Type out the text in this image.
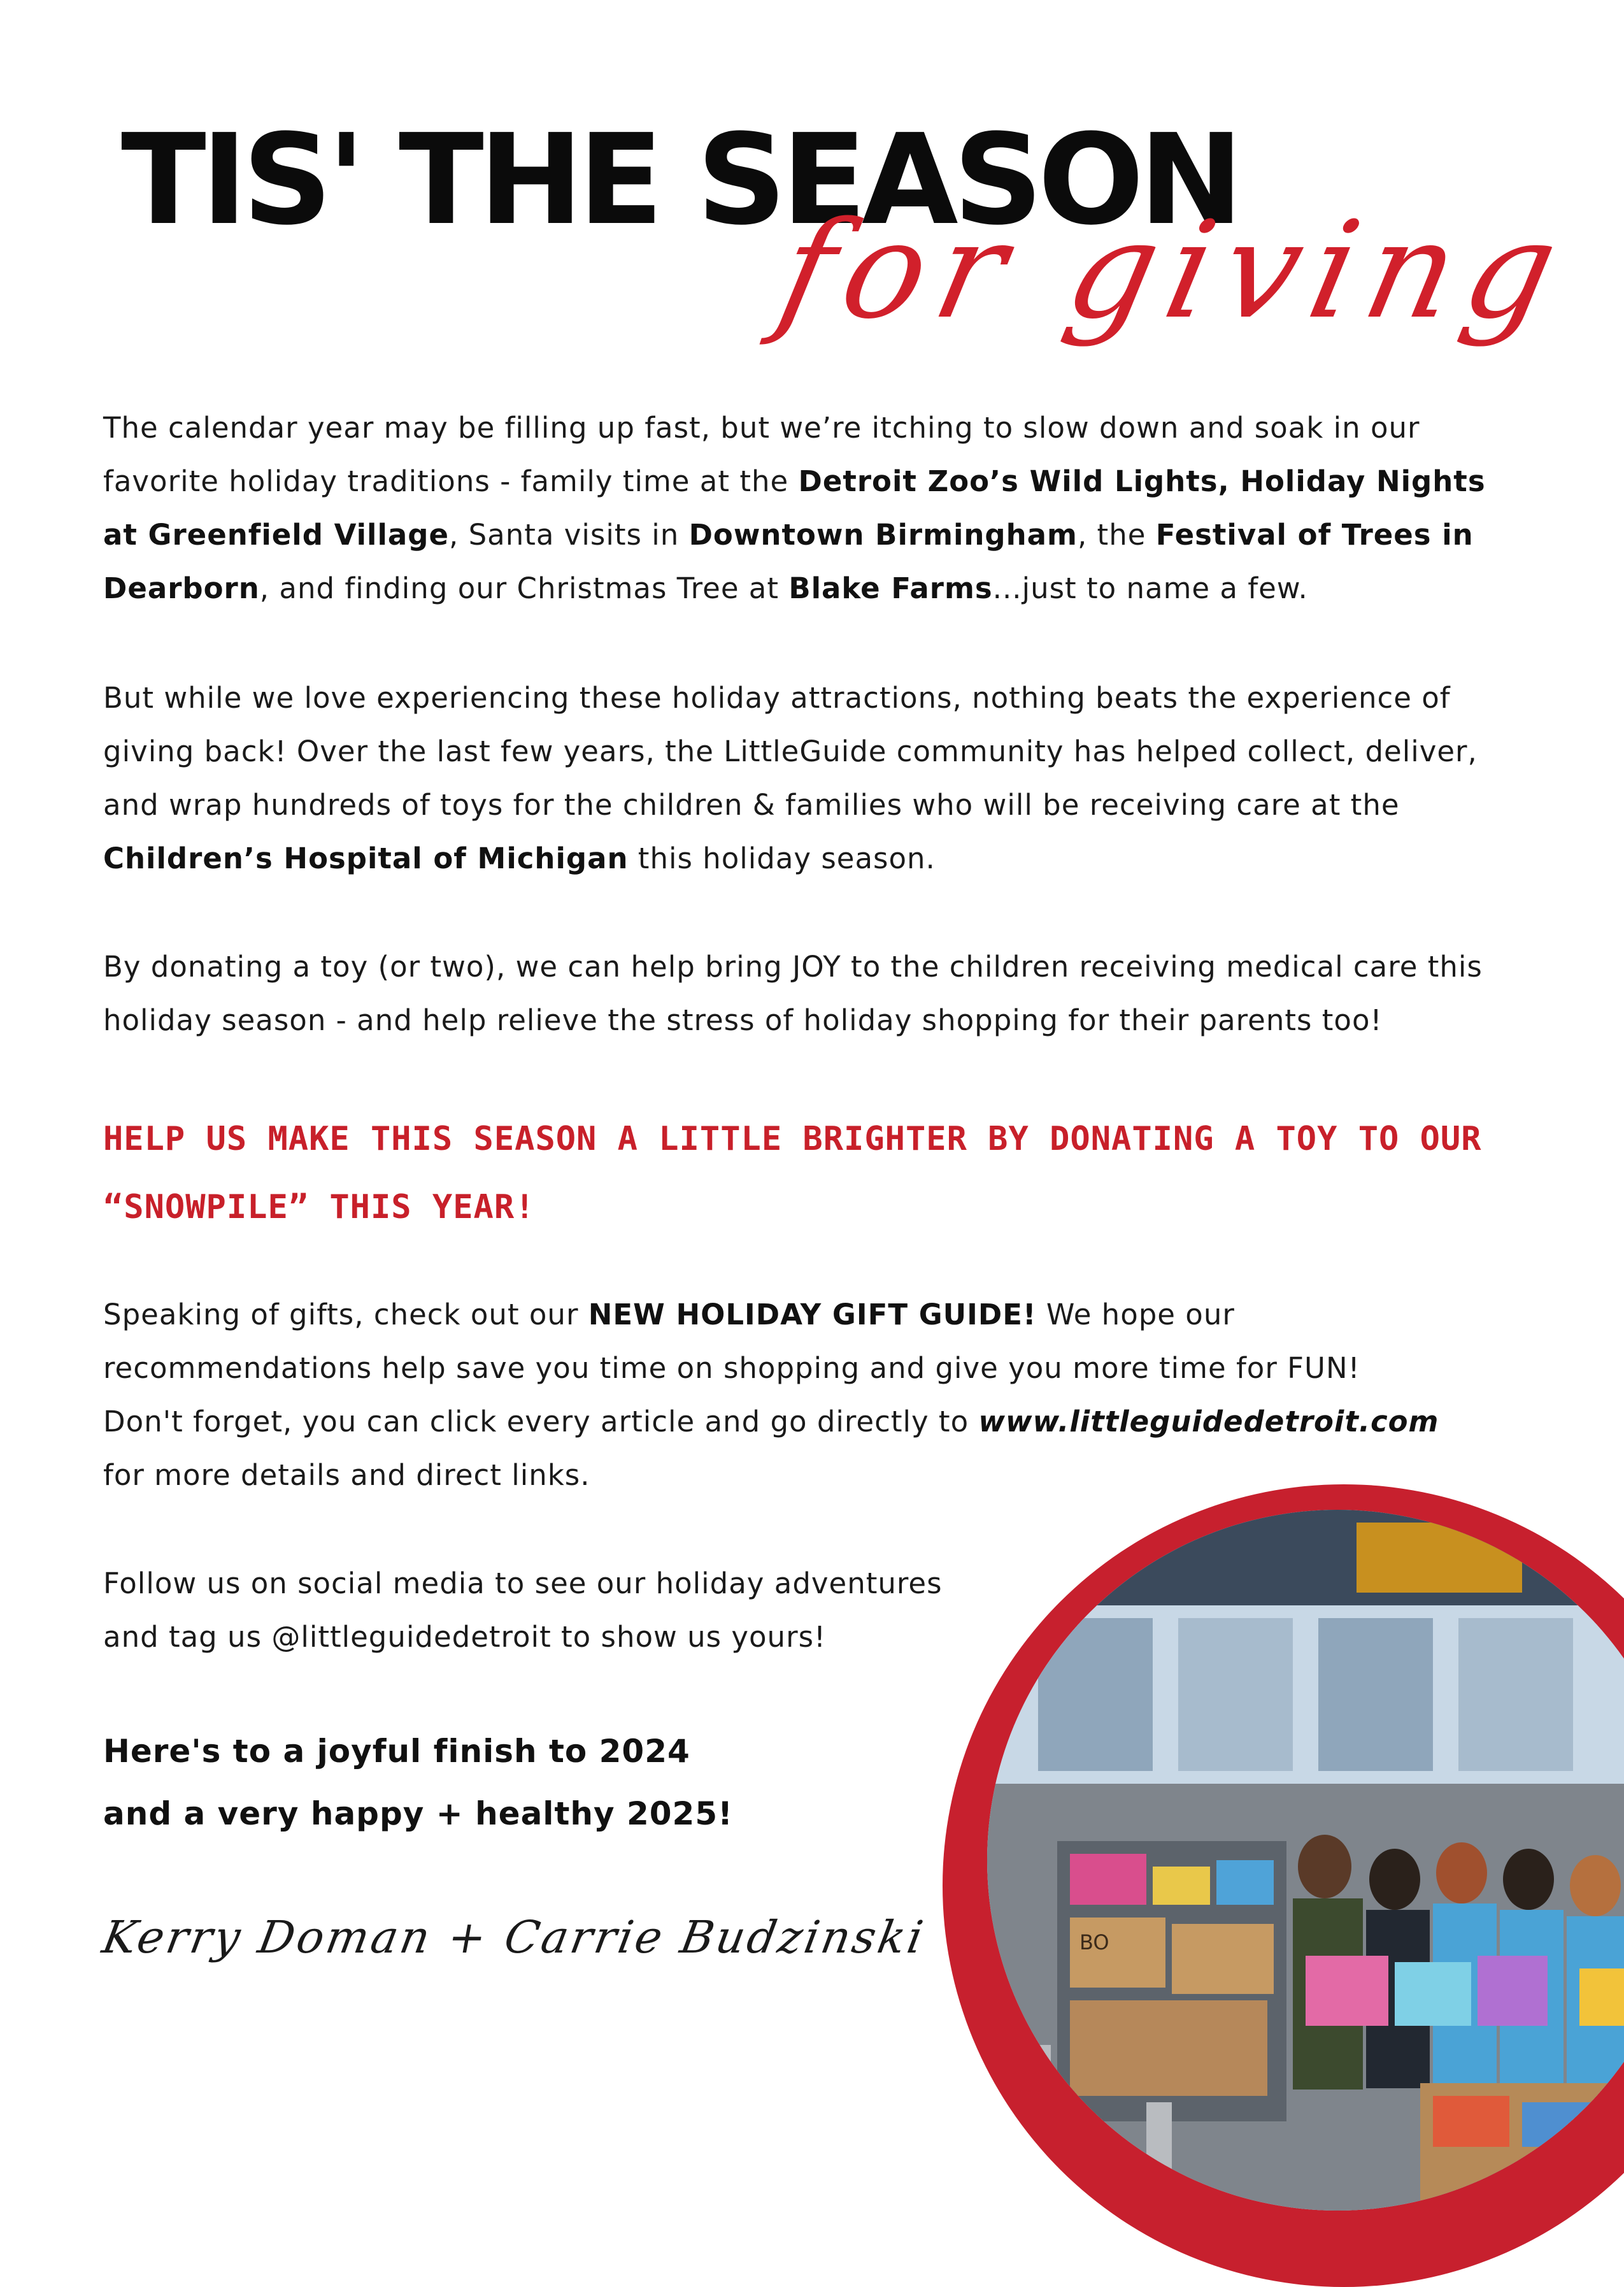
TIS' THE SEASON
for giving

The calendar year may be filling up fast, but we’re itching to slow down and soak in our favorite holiday traditions - family time at the Detroit Zoo’s Wild Lights, Holiday Nights at Greenfield Village, Santa visits in Downtown Birmingham, the Festival of Trees in Dearborn, and finding our Christmas Tree at Blake Farms...just to name a few.

But while we love experiencing these holiday attractions, nothing beats the experience of giving back! Over the last few years, the LittleGuide community has helped collect, deliver, and wrap hundreds of toys for the children & families who will be receiving care at the Children’s Hospital of Michigan this holiday season.

By donating a toy (or two), we can help bring JOY to the children receiving medical care this holiday season - and help relieve the stress of holiday shopping for their parents too!

HELP US MAKE THIS SEASON A LITTLE BRIGHTER BY DONATING A TOY TO OUR “SNOWPILE” THIS YEAR!

Speaking of gifts, check out our NEW HOLIDAY GIFT GUIDE! We hope our recommendations help save you time on shopping and give you more time for FUN!
Don't forget, you can click every article and go directly to www.littleguidedetroit.com
for more details and direct links.

Follow us on social media to see our holiday adventures
and tag us @littleguidedetroit to show us yours!

Here's to a joyful finish to 2024
and a very happy + healthy 2025!

Kerry Doman + Carrie Budzinski	BO
